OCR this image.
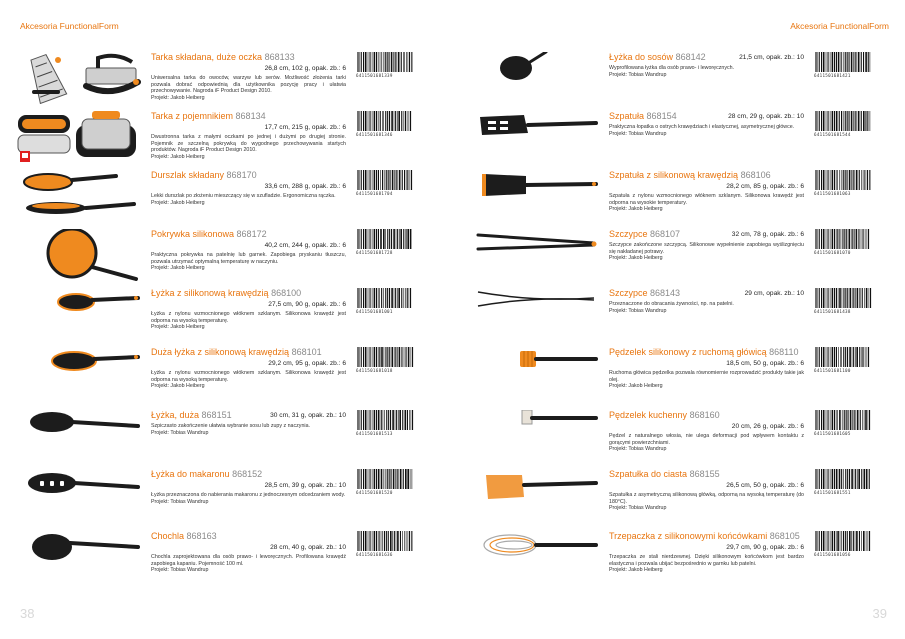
Akcesoria FunctionalForm
Tarka składana, duże oczka 868133
26,8 cm, 102 g, opak. zb.: 6
Uniwersalna tarka do owoców, warzyw lub serów. Możliwość złożenia tarki pozwala dobrać odpowiednią dla użytkownika pozycję pracy i ułatwia przechowywanie. Nagroda iF Product Design 2010.
Projekt: Jakob Heiberg
6411501681339
Tarka z pojemnikiem 868134
17,7 cm, 215 g, opak. zb.: 6
Dwustronna tarka z małymi oczkami po jednej i dużymi po drugiej stronie. Pojemnik ze szczelną pokrywką do wygodnego przechowywania startych produktów. Nagroda iF Product Design 2010.
Projekt: Jakob Heiberg
6411501681346
Durszlak składany 868170
33,6 cm, 288 g, opak. zb.: 6
Lekki durszlak po złożeniu mieszczący się w szufladzie. Ergonomiczna rączka.
Projekt: Jakob Heiberg
6411501681704
Pokrywka silikonowa 868172
40,2 cm, 244 g, opak. zb.: 6
Praktyczna pokrywka na patelnię lub garnek. Zapobiega pryskaniu tłuszczu, pozwala utrzymać optymalną temperaturę w naczyniu.
Projekt: Jakob Heiberg
6411501681728
Łyżka z silikonową krawędzią 868100
27,5 cm, 90 g, opak. zb.: 6
Łyżka z nylonu wzmocnionego włóknem szklanym. Silikonowa krawędź jest odporna na wysoką temperaturę.
Projekt: Jakob Heiberg
6411501681001
Duża łyżka z silikonową krawędzią 868101
29,2 cm, 95 g, opak. zb.: 6
Łyżka z nylonu wzmocnionego włóknem szklanym. Silikonowa krawędź jest odporna na wysoką temperaturę.
Projekt: Jakob Heiberg
6411501681018
Łyżka, duża 868151	30 cm, 31 g, opak. zb.: 10
Szpiczasto zakończenie ułatwia wybranie sosu lub zupy z naczynia.
Projekt: Tobias Wandrup	6411501681513
Łyżka do makaronu 868152
28,5 cm, 39 g, opak. zb.: 10
Łyżka przeznaczona do nabierania makaronu z jednoczesnym odcedzaniem wody.
Projekt: Tobias Wandrup
6411501681520
Chochla 868163
28 cm, 40 g, opak. zb.: 10
Chochla zaprojektowana dla osób prawo- i leworęcznych. Profilowana krawędź zapobiega kapaniu. Pojemność 100 ml.
Projekt: Tobias Wandrup
6411501681636
38
Akcesoria FunctionalForm
Łyżka do sosów 868142	21,5 cm, opak. zb.: 10
Wyprofilowana łyżka dla osób prawo- i leworęcznych.
Projekt: Tobias Wandrup	6411501681421
Szpatuła 868154	28 cm, 29 g, opak. zb.: 10
Praktyczna łopatka o ostrych krawędziach i elastycznej, asymetrycznej główce.
Projekt: Tobias Wandrup	6411501681544
Szpatuła z silikonową krawędzią 868106
28,2 cm, 85 g, opak. zb.: 6
Szpatuła z nylonu wzmocnionego włóknem szklanym. Silikonowa krawędź jest odporna na wysokie temperatury.
Projekt: Jakob Heiberg
6411501681063
Szczypce 868107	32 cm, 78 g, opak. zb.: 6
Szczypce zakończone szczypcą. Silikonowe wypełnienie zapobiega wyślizgnięciu się nakładanej potrawy.
Projekt: Jakob Heiberg
6411501681070
Szczypce 868143	29 cm, opak. zb.: 10
Przeznaczone do obracania żywności, np. na patelni.
Projekt: Tobias Wandrup	6411501681438
Pędzelek silikonowy z ruchomą główicą 868110
18,5 cm, 50 g, opak. zb.: 6
Ruchoma główica pędzelka pozwala równomiernie rozprowadzić produkty takie jak olej.
Projekt: Jakob Heiberg
6411501681100
Pędzelek kuchenny 868160
20 cm, 26 g, opak. zb.: 6
Pędzel z naturalnego włosia, nie ulega deformacji pod wpływem kontaktu z gorącymi powierzchniami.
Projekt: Tobias Wandrup
6411501681605
Szpatułka do ciasta 868155
26,5 cm, 50 g, opak. zb.: 6
Szpatułka z asymetryczną silikonową główką, odporną na wysoką temperaturę (do 180°C).
Projekt: Tobias Wandrup
6411501681551
Trzepaczka z silikonowymi końcówkami 868105
29,7 cm, 90 g, opak. zb.: 6
Trzepaczka ze stali nierdzewnej. Dzięki silikonowym końcówkom jest bardzo elastyczna i pozwala ubijać bezpośrednio w garnku lub patelni.
Projekt: Jakob Heiberg
6411501681056
39
